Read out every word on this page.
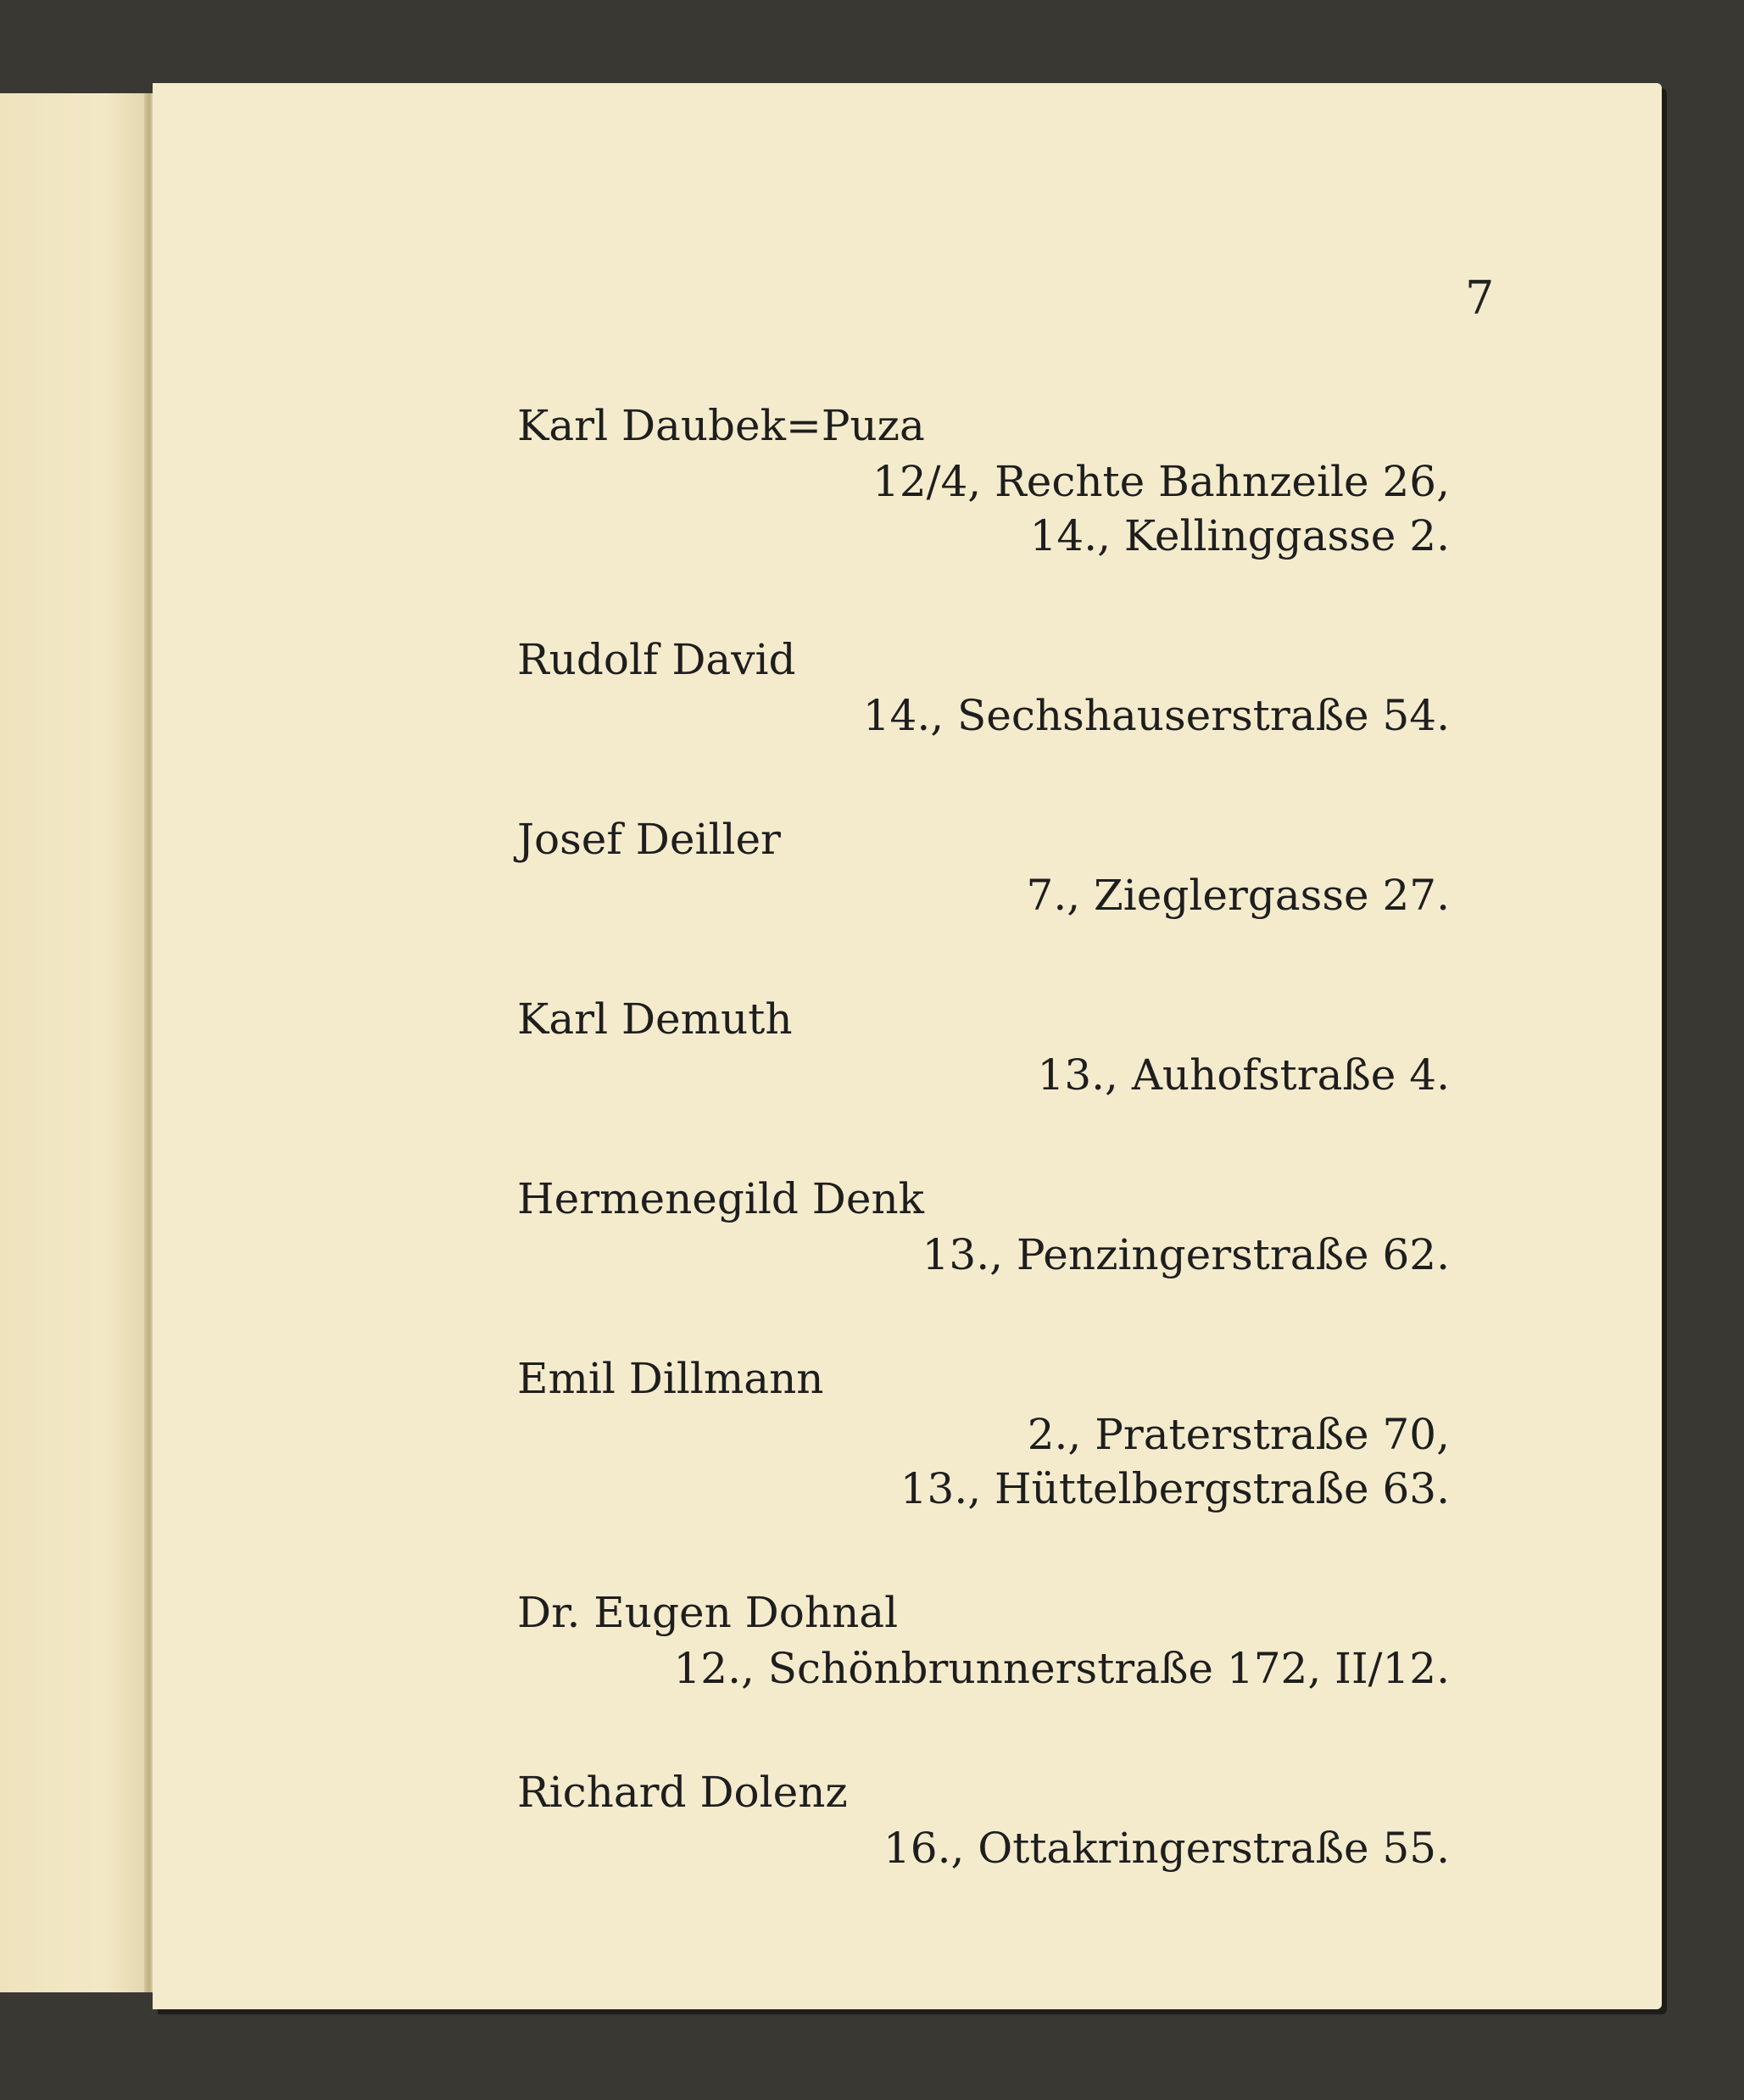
7

Karl Daubek=Puza
12/4, Rechte Bahnzeile 26,
14., Kellinggasse 2.
Rudolf David
14., Sechshauserstraße 54.
Josef Deiller
7., Zieglergasse 27.
Karl Demuth
13., Auhofstraße 4.
Hermenegild Denk
13., Penzingerstraße 62.
Emil Dillmann
2., Praterstraße 70,
13., Hüttelbergstraße 63.
Dr. Eugen Dohnal
12., Schönbrunnerstraße 172, II/12.
Richard Dolenz
16., Ottakringerstraße 55.
